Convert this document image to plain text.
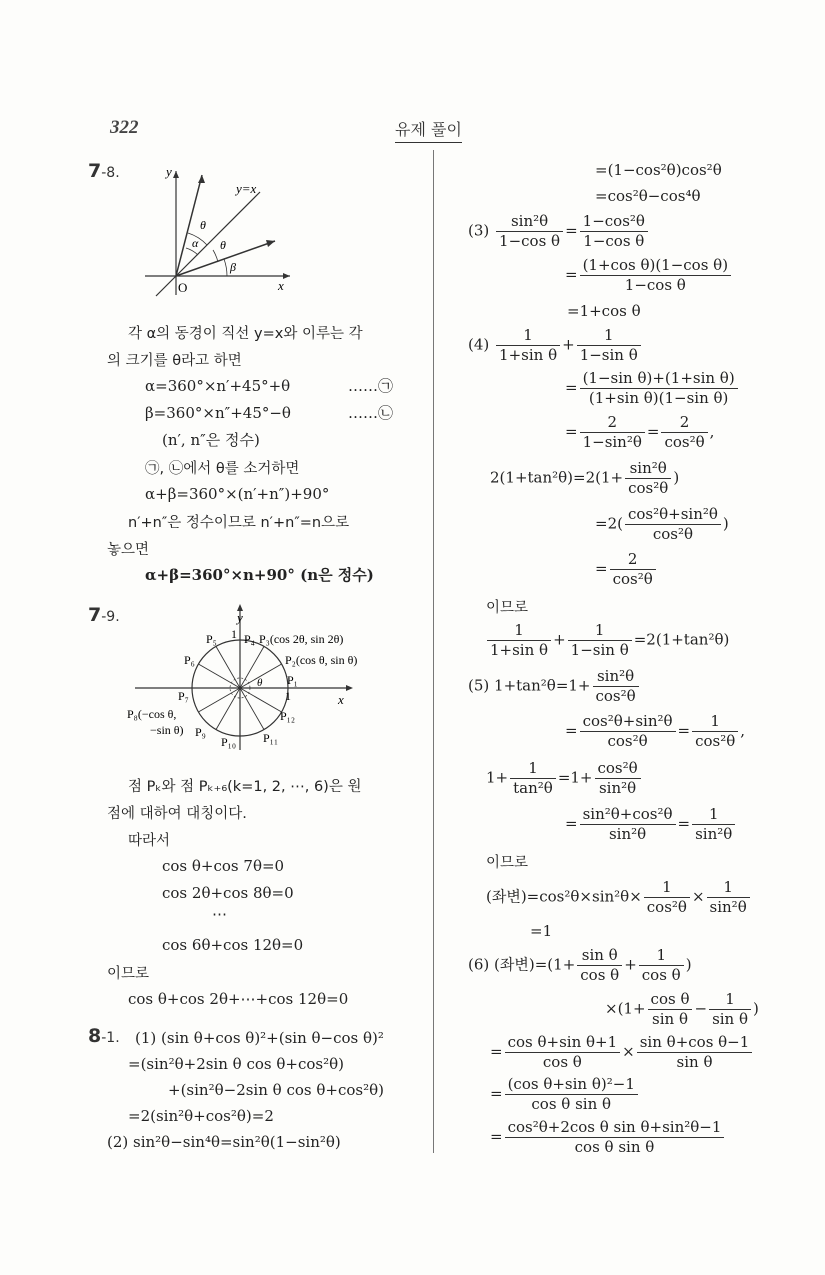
322	유제 풀이
7-8.	y
x
O
y=x
θ
α θ
β
각 α의 동경이 직선 y=x와 이루는 각
의 크기를 θ라고 하면
α=360°×n′+45°+θ	……㉠
β=360°×n″+45°−θ	……㉡
(n′, n″은 정수)
㉠, ㉡에서 θ를 소거하면
α+β=360°×(n′+n″)+90°
n′+n″은 정수이므로 n′+n″=n으로
놓으면
α+β=360°×n+90° (n은 정수)
7-9.	y
x
1
1
θ P₁
P₂(cos θ, sin θ)
P₃(cos 2θ, sin 2θ)
P₄
P₅
P₆
P₇
P₈(−cos θ,
−sin θ) P₉
P₁₀ P₁₁
P₁₂
점 Pₖ와 점 Pₖ₊₆(k=1, 2, ⋯, 6)은 원
점에 대하여 대칭이다.
따라서
cos θ+cos 7θ=0
cos 2θ+cos 8θ=0
⋯
cos 6θ+cos 12θ=0
이므로
cos θ+cos 2θ+⋯+cos 12θ=0
8-1. (1) (sin θ+cos θ)²+(sin θ−cos θ)²
=(sin²θ+2sin θ cos θ+cos²θ)
+(sin²θ−2sin θ cos θ+cos²θ)
=2(sin²θ+cos²θ)=2
(2) sin²θ−sin⁴θ=sin²θ(1−sin²θ)
=(1−cos²θ)cos²θ
=cos²θ−cos⁴θ
$(3) \frac{\text{sin²θ}}{\text{1−cos θ}} = \frac{\text{1−cos²θ}}{\text{1−cos θ}}$
= $\frac{\text{(1+cos θ)(1−cos θ)}}{\text{1−cos θ}}$
=1+cos θ
$(4) \frac{1}{\text{1+sin θ}} + \frac{1}{\text{1−sin θ}}$
= $\frac{\text{(1−sin θ)+(1+sin θ)}}{\text{(1+sin θ)(1−sin θ)}}$
= $\frac{2}{\text{1−sin²θ}} = \frac{2}{\text{cos²θ}}$ ,
$2(1+\tan^2\theta)=2(1+ \frac{\text{sin²θ}}{\text{cos²θ}}$ )
$=2( \frac{\text{cos²θ+sin²θ}}{\text{cos²θ}}$ )
= $\frac{2}{\text{cos²θ}}$
이므로
$\frac{1}{\text{1+sin θ}} + \frac{1}{\text{1−sin θ}} =2(1+\tan^2\theta)$
(5) $1+\tan^2\theta=1+ \frac{\text{sin²θ}}{\text{cos²θ}}$
= $\frac{\text{cos²θ+sin²θ}}{\text{cos²θ}} = \frac{1}{\text{cos²θ}}$ ,
$1+ \frac{1}{\text{tan²θ}} =1+ \frac{\text{cos²θ}}{\text{sin²θ}}$
= $\frac{\text{sin²θ+cos²θ}}{\text{sin²θ}} = \frac{1}{\text{sin²θ}}$
이므로
(좌변)$=\cos^2\theta\times\sin^2\theta\times \frac{1}{\text{cos²θ}} \times \frac{1}{\text{sin²θ}}$
=1
(6) (좌변)$=(1+ \frac{\text{sin θ}}{\text{cos θ}} + \frac{1}{\text{cos θ}}$ )
$\times(1+ \frac{\text{cos θ}}{\text{sin θ}} - \frac{1}{\text{sin θ}}$ )
= $\frac{\text{cos θ+sin θ+1}}{\text{cos θ}} \times \frac{\text{sin θ+cos θ−1}}{\text{sin θ}}$
= $\frac{\text{(cos θ+sin θ)²−1}}{\text{cos θ sin θ}}$
= $\frac{\text{cos²θ+2cos θ sin θ+sin²θ−1}}{\text{cos θ sin θ}}$
